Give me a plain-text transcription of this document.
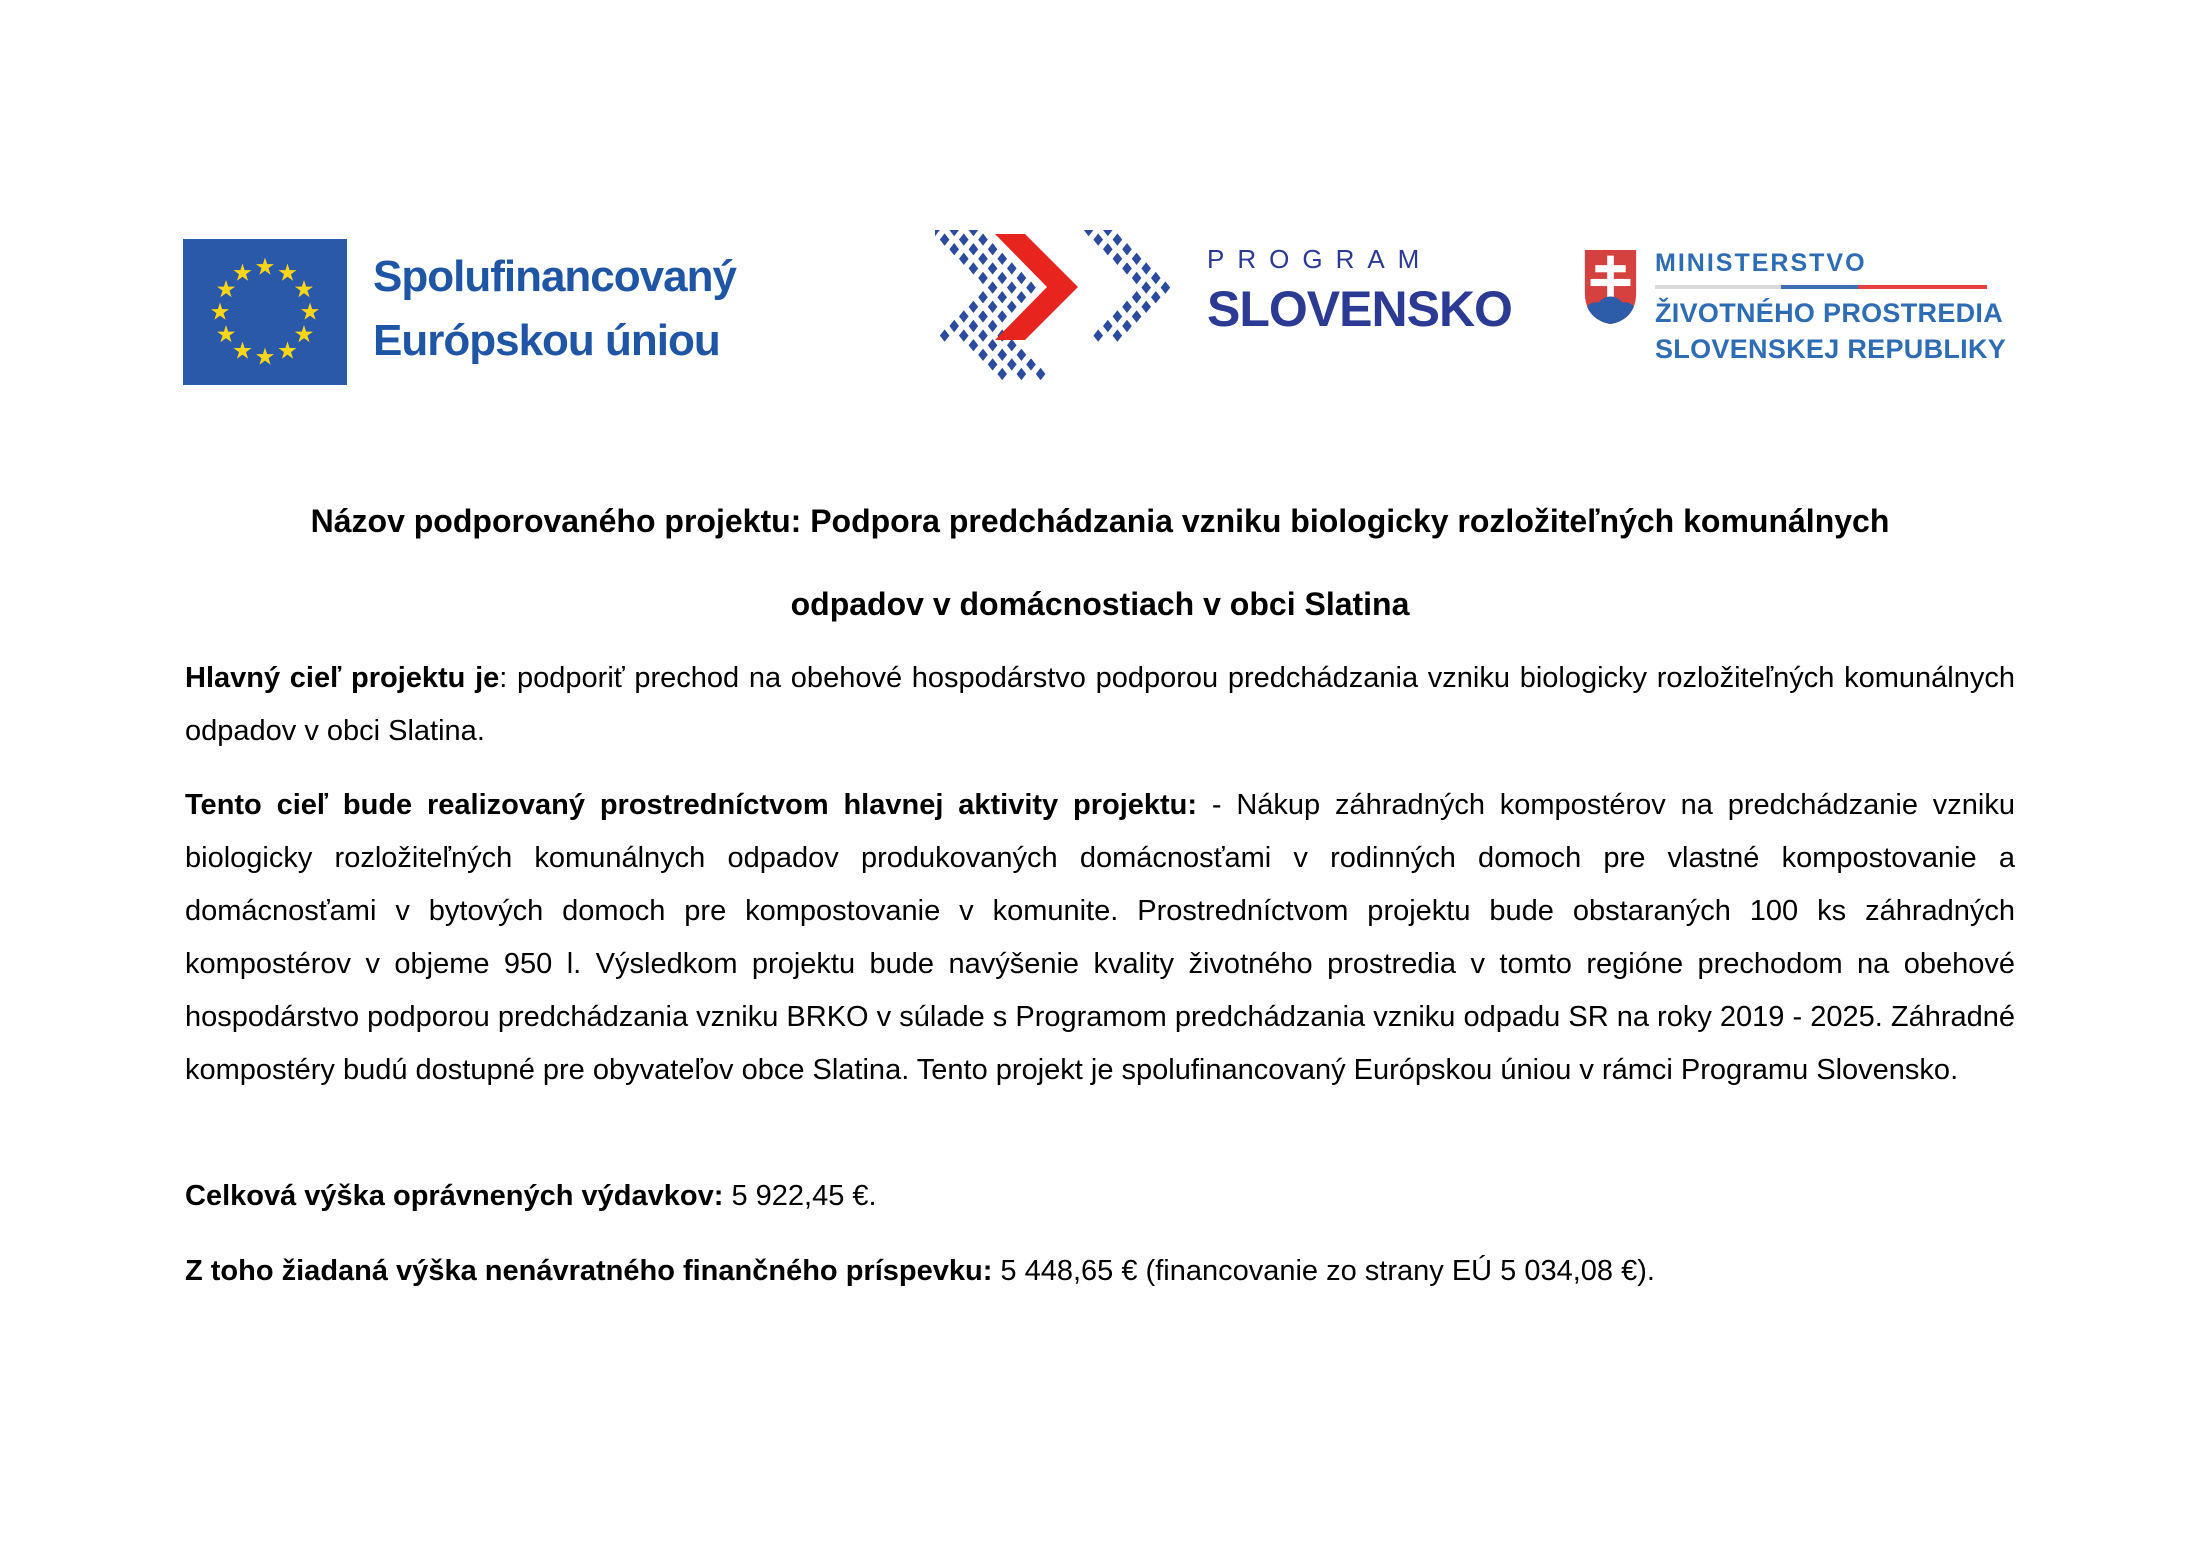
Spolufinancovaný
Európskou úniou
PROGRAM
SLOVENSKO
MINISTERSTVO
ŽIVOTNÉHO PROSTREDIA
SLOVENSKEJ REPUBLIKY
Názov podporovaného projektu: Podpora predchádzania vzniku biologicky rozložiteľných komunálnych
odpadov v domácnostiach v obci Slatina

Hlavný cieľ projektu je: podporiť prechod na obehové hospodárstvo podporou predchádzania vzniku biologicky rozložiteľných komunálnych odpadov v obci Slatina.

Tento cieľ bude realizovaný prostredníctvom hlavnej aktivity projektu: - Nákup záhradných kompostérov na predchádzanie vzniku biologicky rozložiteľných komunálnych odpadov produkovaných domácnosťami v rodinných domoch pre vlastné kompostovanie a domácnosťami v bytových domoch pre kompostovanie v komunite. Prostredníctvom projektu bude obstaraných 100 ks záhradných kompostérov v objeme 950 l. Výsledkom projektu bude navýšenie kvality životného prostredia v tomto regióne prechodom na obehové hospodárstvo podporou predchádzania vzniku BRKO v súlade s Programom predchádzania vzniku odpadu SR na roky 2019 - 2025. Záhradné kompostéry budú dostupné pre obyvateľov obce Slatina. Tento projekt je spolufinancovaný Európskou úniou v rámci Programu Slovensko.

Celková výška oprávnených výdavkov: 5 922,45 €.

Z toho žiadaná výška nenávratného finančného príspevku: 5 448,65 € (financovanie zo strany EÚ 5 034,08 €).
